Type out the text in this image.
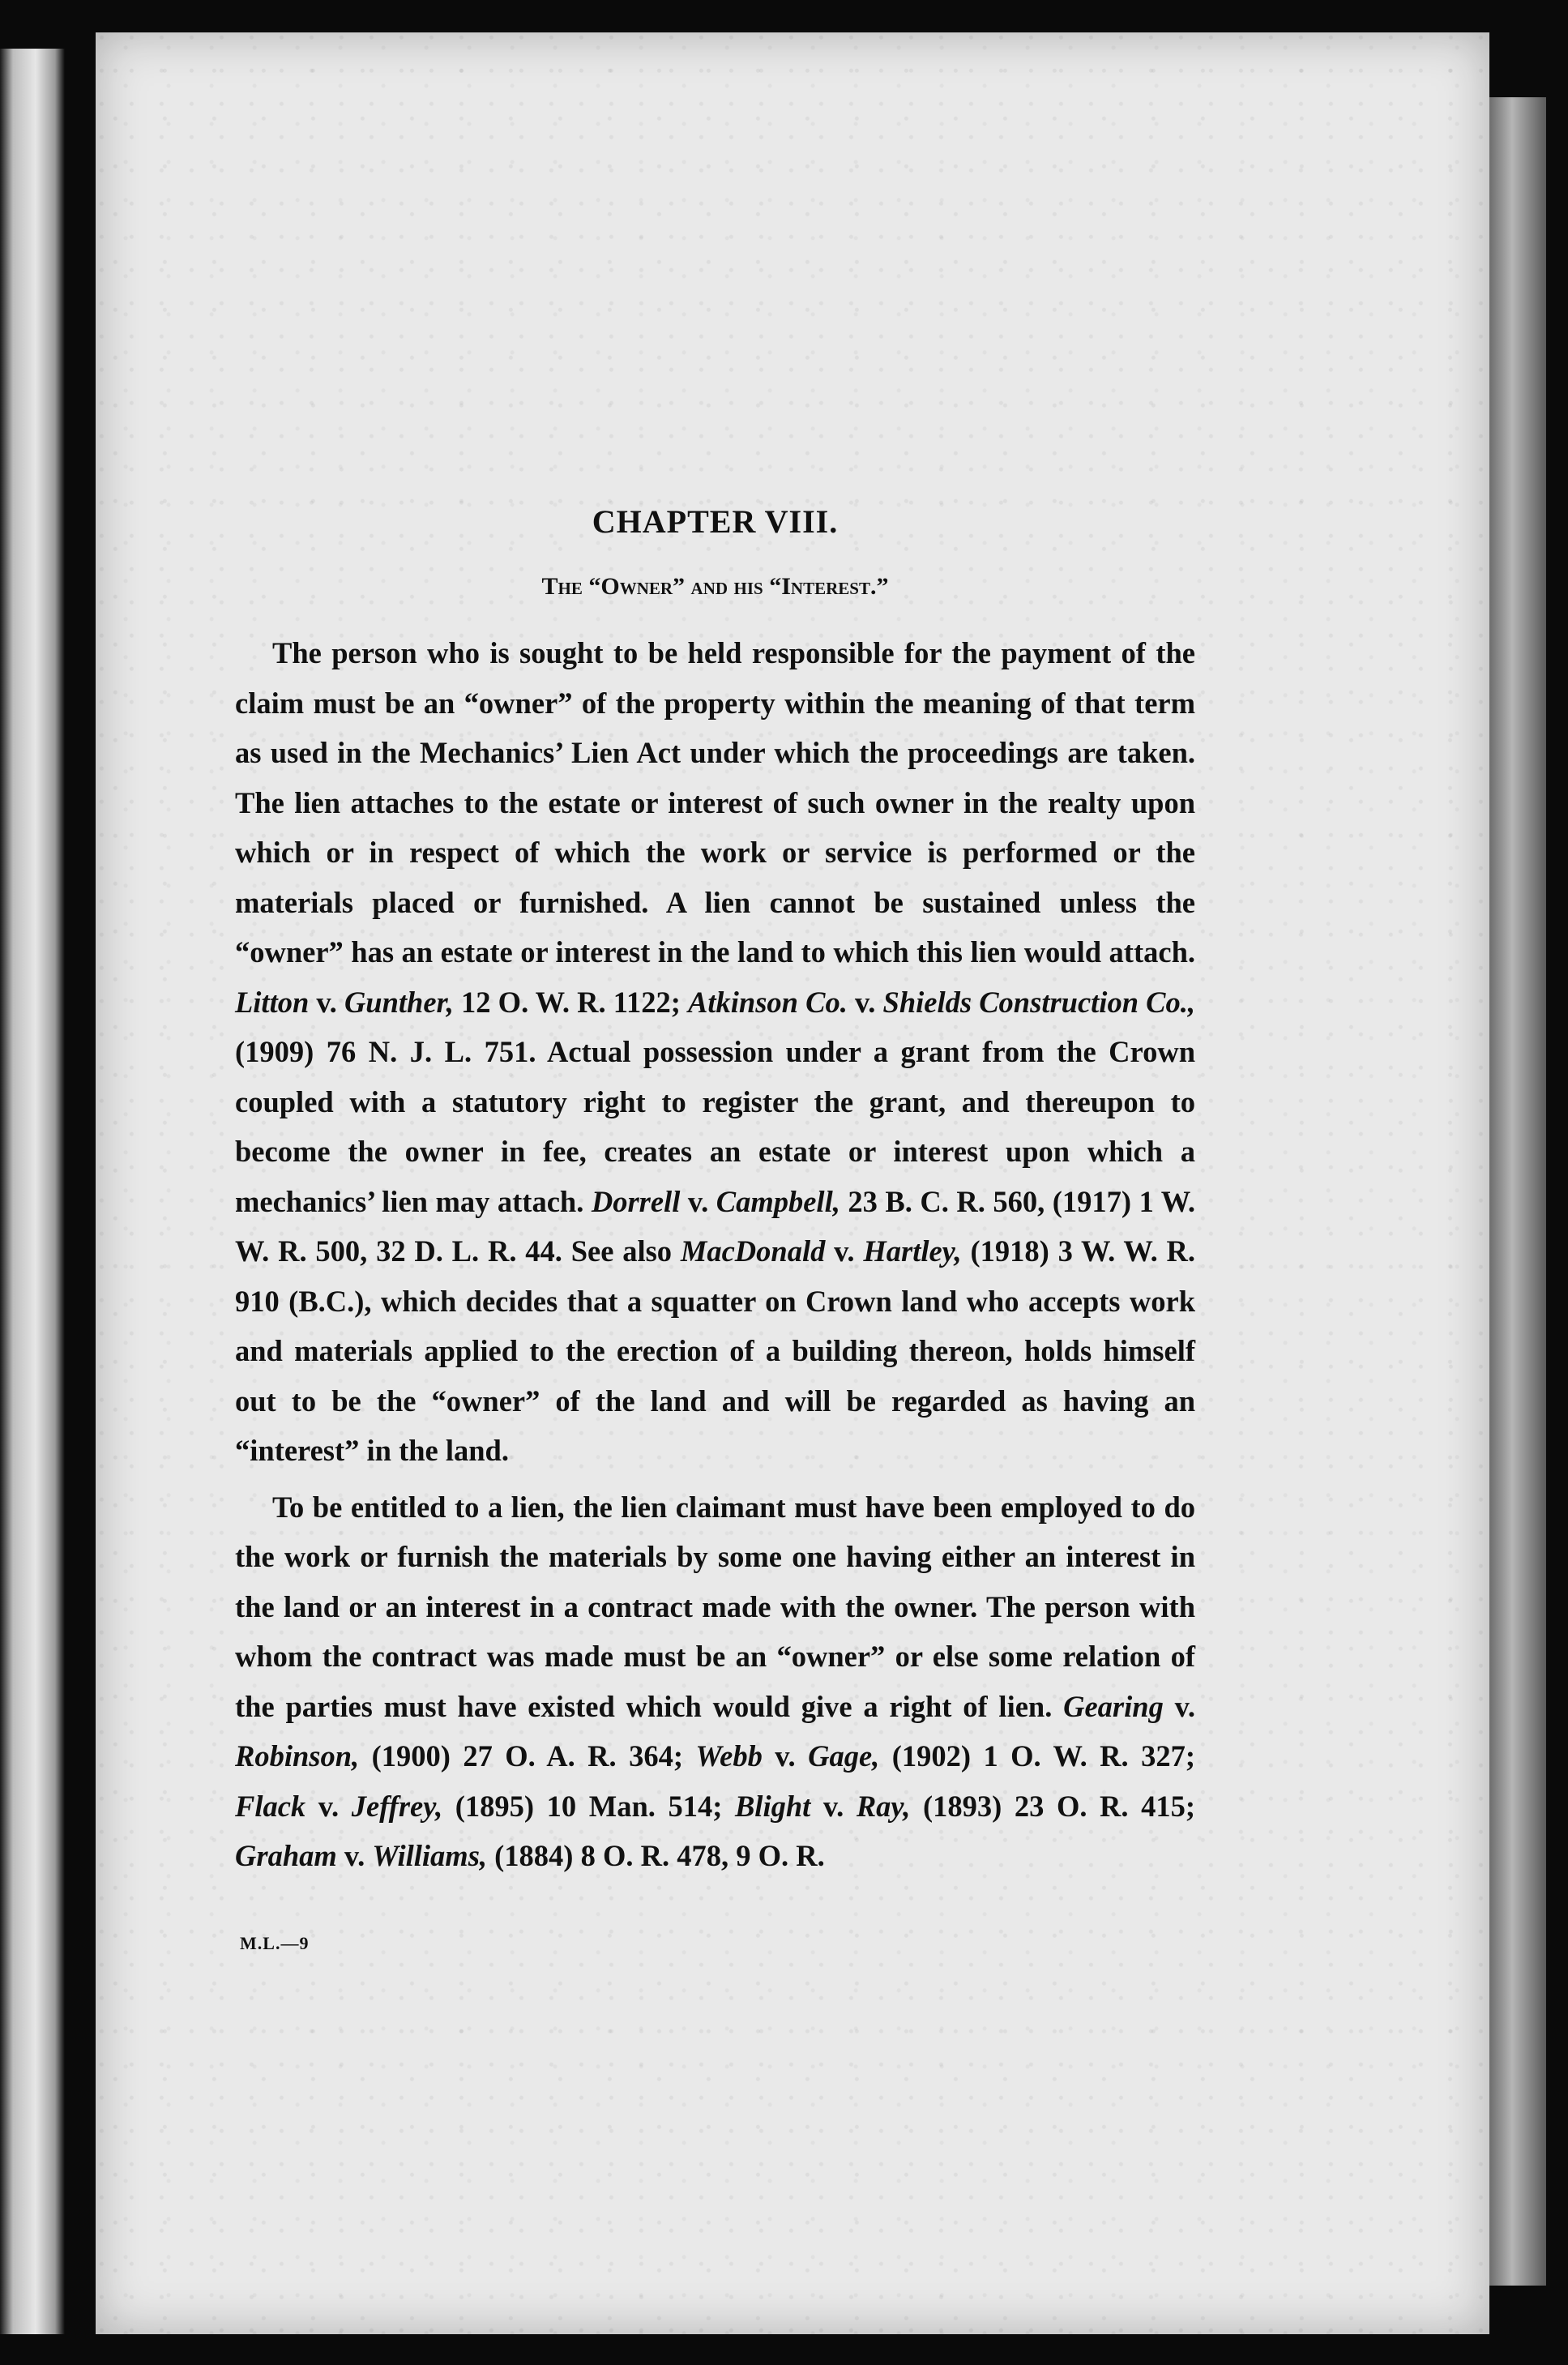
CHAPTER VIII.
The “Owner” and his “Interest.”

The person who is sought to be held responsible for the payment of the claim must be an “owner” of the property within the meaning of that term as used in the Mechanics’ Lien Act under which the proceedings are taken. The lien attaches to the estate or interest of such owner in the realty upon which or in respect of which the work or service is performed or the materials placed or furnished. A lien cannot be sustained unless the “owner” has an estate or interest in the land to which this lien would attach. Litton v. Gunther, 12 O. W. R. 1122; Atkinson Co. v. Shields Construction Co., (1909) 76 N. J. L. 751. Actual possession under a grant from the Crown coupled with a statutory right to register the grant, and thereupon to become the owner in fee, creates an estate or interest upon which a mechanics’ lien may attach. Dorrell v. Campbell, 23 B. C. R. 560, (1917) 1 W. W. R. 500, 32 D. L. R. 44. See also MacDonald v. Hartley, (1918) 3 W. W. R. 910 (B.C.), which decides that a squatter on Crown land who accepts work and materials applied to the erection of a building thereon, holds himself out to be the “owner” of the land and will be regarded as having an “interest” in the land.

To be entitled to a lien, the lien claimant must have been employed to do the work or furnish the materials by some one having either an interest in the land or an interest in a contract made with the owner. The person with whom the contract was made must be an “owner” or else some relation of the parties must have existed which would give a right of lien. Gearing v. Robinson, (1900) 27 O. A. R. 364; Webb v. Gage, (1902) 1 O. W. R. 327; Flack v. Jeffrey, (1895) 10 Man. 514; Blight v. Ray, (1893) 23 O. R. 415; Graham v. Williams, (1884) 8 O. R. 478, 9 O. R.

M.L.—9
